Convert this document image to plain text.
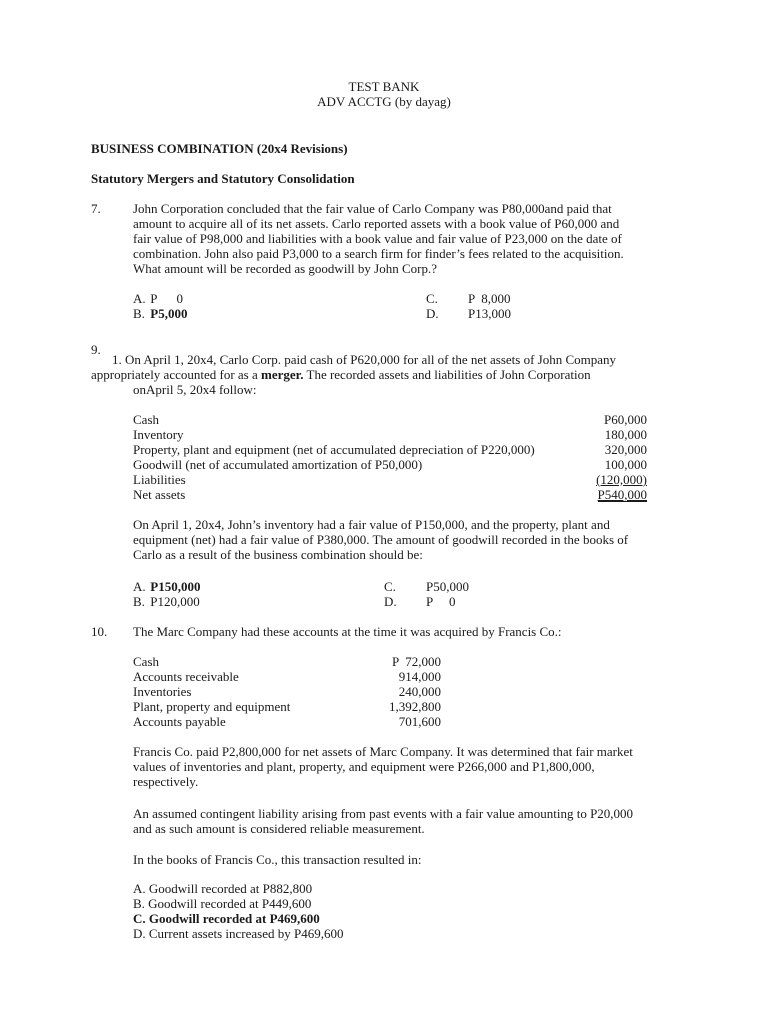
TEST BANK
ADV ACCTG (by dayag)
BUSINESS COMBINATION (20x4 Revisions)
Statutory Mergers and Statutory Consolidation
7. John Corporation concluded that the fair value of Carlo Company was P80,000and paid that
amount to acquire all of its net assets. Carlo reported assets with a book value of P60,000 and
fair value of P98,000 and liabilities with a book value and fair value of P23,000 on the date of
combination. John also paid P3,000 to a search firm for finder’s fees related to the acquisition.
What amount will be recorded as goodwill by John Corp.?
A. P      0
B. P5,000
C. P  8,000
D. P13,000
9.
1. On April 1, 20x4, Carlo Corp. paid cash of P620,000 for all of the net assets of John Company
appropriately accounted for as a merger. The recorded assets and liabilities of John Corporation
onApril 5, 20x4 follow:
Cash	P60,000
Inventory	180,000
Property, plant and equipment (net of accumulated depreciation of P220,000)	320,000
Goodwill (net of accumulated amortization of P50,000)	100,000
Liabilities	(120,000)
Net assets	P540,000
On April 1, 20x4, John’s inventory had a fair value of P150,000, and the property, plant and
equipment (net) had a fair value of P380,000. The amount of goodwill recorded in the books of
Carlo as a result of the business combination should be:
A. P150,000
B. P120,000
C. P50,000
D. P     0
10. The Marc Company had these accounts at the time it was acquired by Francis Co.:
Cash	P  72,000
Accounts receivable	914,000
Inventories	240,000
Plant, property and equipment	1,392,800
Accounts payable	701,600
Francis Co. paid P2,800,000 for net assets of Marc Company. It was determined that fair market
values of inventories and plant, property, and equipment were P266,000 and P1,800,000,
respectively.
An assumed contingent liability arising from past events with a fair value amounting to P20,000
and as such amount is considered reliable measurement.
In the books of Francis Co., this transaction resulted in:
A. Goodwill recorded at P882,800
B. Goodwill recorded at P449,600
C. Goodwill recorded at P469,600
D. Current assets increased by P469,600
